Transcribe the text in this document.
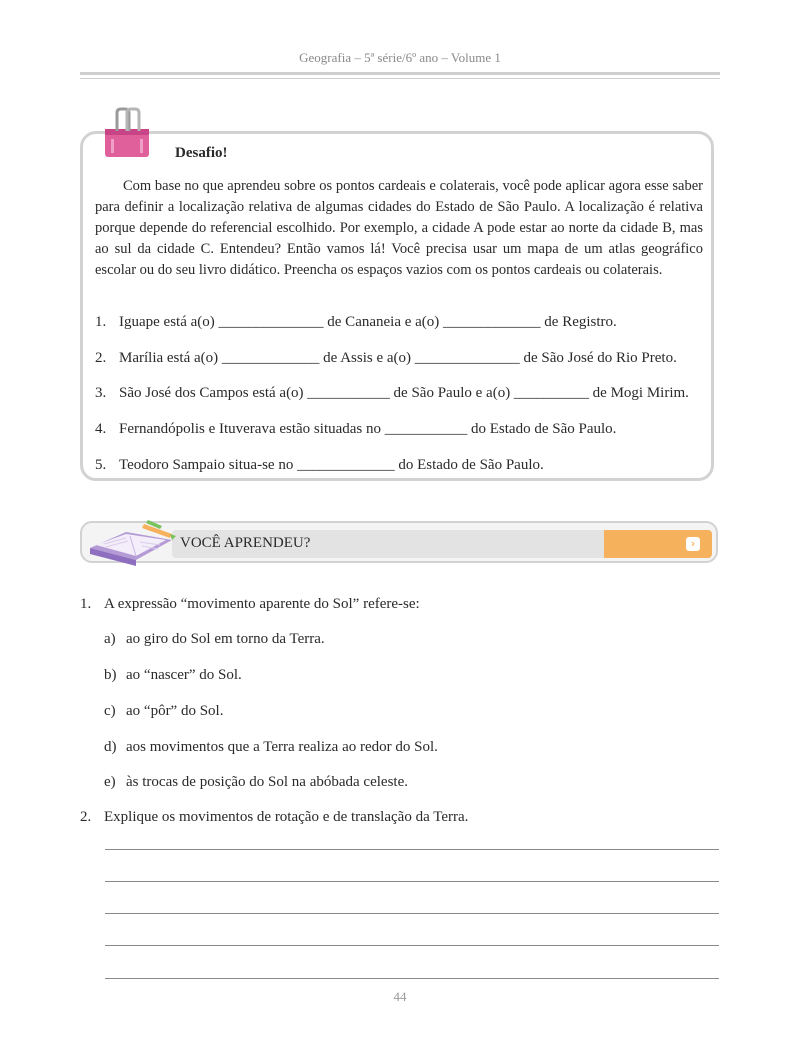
Geografia – 5ª série/6º ano – Volume 1
Desafio!

Com base no que aprendeu sobre os pontos cardeais e colaterais, você pode aplicar agora esse saber para definir a localização relativa de algumas cidades do Estado de São Paulo. A localização é relativa porque depende do referencial escolhido. Por exemplo, a cidade A pode estar ao norte da cidade B, mas ao sul da cidade C. Entendeu? Então vamos lá! Você precisa usar um mapa de um atlas geográfico escolar ou do seu livro didático. Preencha os espaços vazios com os pontos cardeais ou colaterais.

1. Iguape está a(o) ______________ de Cananeia e a(o) _____________ de Registro.
2. Marília está a(o) _____________ de Assis e a(o) ______________ de São José do Rio Preto.
3. São José dos Campos está a(o) ___________ de São Paulo e a(o) __________ de Mogi Mirim.
4. Fernandópolis e Ituverava estão situadas no ___________ do Estado de São Paulo.
5. Teodoro Sampaio situa-se no _____________ do Estado de São Paulo.
›
VOCÊ APRENDEU?
1. A expressão “movimento aparente do Sol” refere-se:
a) ao giro do Sol em torno da Terra.
b) ao “nascer” do Sol.
c) ao “pôr” do Sol.
d) aos movimentos que a Terra realiza ao redor do Sol.
e) às trocas de posição do Sol na abóbada celeste.
2. Explique os movimentos de rotação e de translação da Terra.
44
